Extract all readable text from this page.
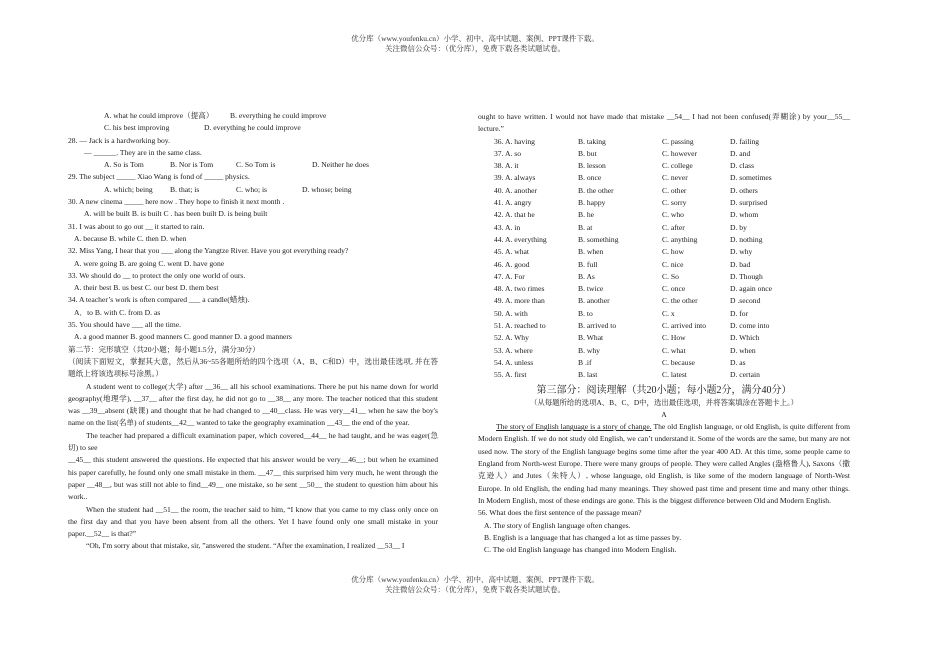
优分库（www.youfenku.cn）小学、初中、高中试题、案例、PPT课件下载。
关注微信公众号：（优分库），免费下载各类试题试卷。
A. what he could improve（提高） B. everything he could improve
C. his best improving	D. everything he could improve
28. — Jack is a hardworking boy.
— ______. They are in the same class.
A. So is Tom	B. Nor is Tom	C. So Tom is	D. Neither he does
29. The subject _____ Xiao Wang is fond of _____ physics.
A. which; being B. that; is	C. who; is	D. whose; being
30. A new cinema _____ here now . They hope to finish it next month .
A. will be built B. is built C . has been built D. is being built
31. I was about to go out __ it started to rain.
A. because B. while C. then D. when
32. Miss Yang, I hear that you ___ along the Yangtze River. Have you got everything ready?
A. were going B. are going C. went D. have gone
33. We should do __ to protect the only one world of ours.
A. their best B. us best C. our best D. them best
34. A teacher’s work is often compared ___ a candle(蜡烛).
A．to B. with C. from D. as
35. You should have ___ all the time.
A. a good manner B. good manners C. good manner D. a good manners
第二节：完形填空（共20小题；每小题1.5分，满分30分）
（阅读下面短文，掌握其大意，然后从36~55各题所给的四个选项（A、B、C和D）中，选出最佳选项, 并在答题纸上将该选项标号涂黑。）
A student went to college(大学) after __36__ all his school examinations. There he put his name down for world geography(地理学), __37__ after the first day, he did not go to __38__ any more. The teacher noticed that this student was __39__absent (缺课) and thought that he had changed to __40__class. He was very__41__ when he saw the boy's name on the list(名单) of students__42__ wanted to take the geography examination __43__ the end of the year.
The teacher had prepared a difficult examination paper, which covered__44__ he had taught, and he was eager(急切) to see
__45__ this student answered the questions. He expected that his answer would be very__46__; but when he examined his paper carefully, he found only one small mistake in them. __47__ this surprised him very much, he went through the paper __48__, but was still not able to find__49__ one mistake, so he sent __50__ the student to question him about his work..
When the student had __51__ the room, the teacher said to him, “I know that you came to my class only once on the first day and that you have been absent from all the others. Yet I have found only one small mistake in your paper.__52__ is that?”
“Oh, I'm sorry about that mistake, sir, ”answered the student. “After the examination, I realized __53__ I
ought to have written. I would not have made that mistake __54__ I had not been confused(弄糊涂) by your__55__ lecture.”
36. A. having	B. taking	C. passing	D. failing
37. A. so	B. but	C. however	D. and
38. A. it	B. lesson	C. college	D. class
39. A. always	B. once	C. never	D. sometimes
40. A. another	B. the other	C. other	D. others
41. A. angry	B. happy	C. sorry	D. surprised
42. A. that he	B. he	C. who	D. whom
43. A. in	B. at	C. after	D. by
44. A. everything	B. something	C. anything	D. nothing
45. A. what	B. when	C. how	D. why
46. A. good	B. full	C. nice	D. bad
47. A. For	B. As	C. So	D. Though
48. A. two rimes	B. twice	C. once	D. again once
49. A. more than	B. another	C. the other	D .second
50. A. with	B. to	C. x	D. for
51. A. reached to	B. arrived to	C. arrived into	D. come into
52. A. Why	B. What	C. How	D. Which
53. A. where	B. why	C. what	D. when
54. A. unless	B .if	C. because	D. as
55. A. first	B. last	C. latest	D. certain
第三部分：阅读理解（共20小题；每小题2分，满分40分）
（从每题所给的选项A、B、C、D中，选出最佳选项，并将答案填涂在答题卡上。）
A
The story of English language is a story of change. The old English language, or old English, is quite different from Modern English. If we do not study old English, we can’t understand it. Some of the words are the same, but many are not used now. The story of the English language begins some time after the year 400 AD. At this time, some people came to England from North-west Europe. There were many groups of people. They were called Angles (盎格鲁人), Saxons（撒克逊人）and Jutes（朱特人）, whose language, old English, is like some of the modern language of North-West Europe. In old English, the ending had many meanings. They showed past time and present time and many other things. In Modern English, most of these endings are gone. This is the biggest difference between Old and Modern English.
56. What does the first sentence of the passage mean?
A. The story of English language often changes.
B. English is a language that has changed a lot as time passes by.
C. The old English language has changed into Modern English.
优分库（www.youfenku.cn）小学、初中、高中试题、案例、PPT课件下载。
关注微信公众号：（优分库），免费下载各类试题试卷。
